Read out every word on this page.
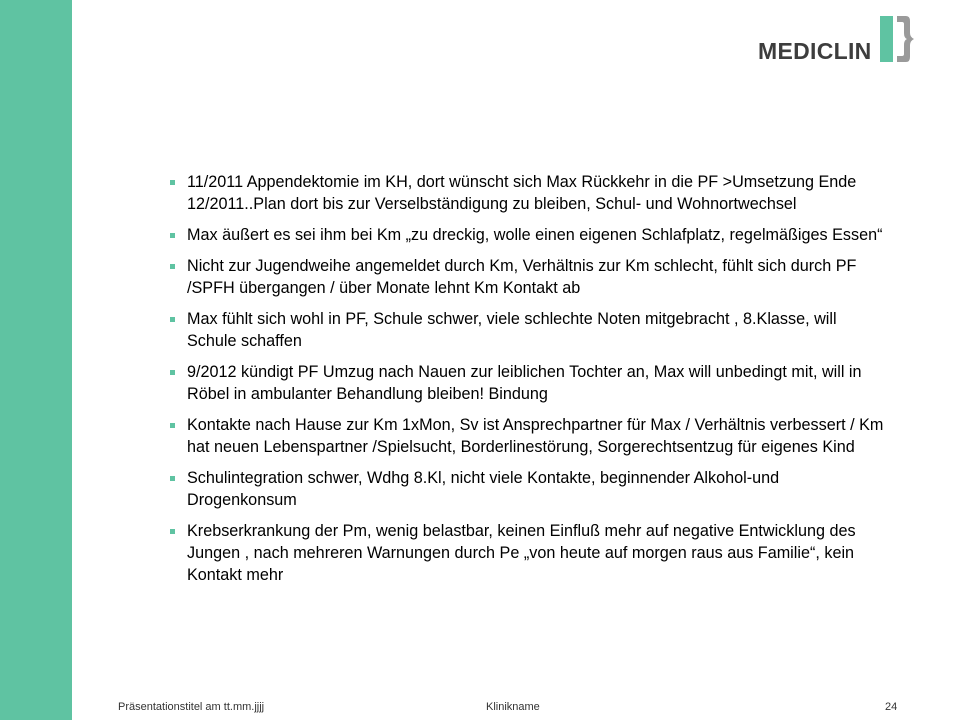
MEDICLIN
11/2011 Appendektomie im KH, dort wünscht sich Max Rückkehr in die PF >Umsetzung Ende 12/2011..Plan dort bis zur Verselbständigung zu bleiben, Schul- und Wohnortwechsel
Max äußert es sei ihm bei Km „zu dreckig, wolle einen eigenen Schlafplatz, regelmäßiges Essen“
Nicht zur Jugendweihe angemeldet durch Km, Verhältnis zur Km schlecht, fühlt sich durch PF /SPFH übergangen / über Monate lehnt Km Kontakt ab
Max fühlt sich wohl in PF, Schule schwer, viele schlechte Noten mitgebracht , 8.Klasse, will Schule schaffen
9/2012 kündigt PF Umzug nach Nauen zur leiblichen Tochter an, Max will unbedingt mit, will in Röbel in ambulanter Behandlung bleiben! Bindung
Kontakte nach Hause zur Km 1xMon, Sv ist Ansprechpartner für Max / Verhältnis verbessert / Km hat neuen Lebenspartner /Spielsucht, Borderlinestörung, Sorgerechtsentzug für eigenes Kind
Schulintegration schwer, Wdhg 8.Kl, nicht viele Kontakte, beginnender Alkohol-und Drogenkonsum
Krebserkrankung der Pm, wenig belastbar, keinen Einfluß mehr auf negative Entwicklung des Jungen , nach mehreren Warnungen durch Pe „von heute auf morgen raus aus Familie“, kein Kontakt mehr
Präsentationstitel am tt.mm.jjjj	Klinikname	24
